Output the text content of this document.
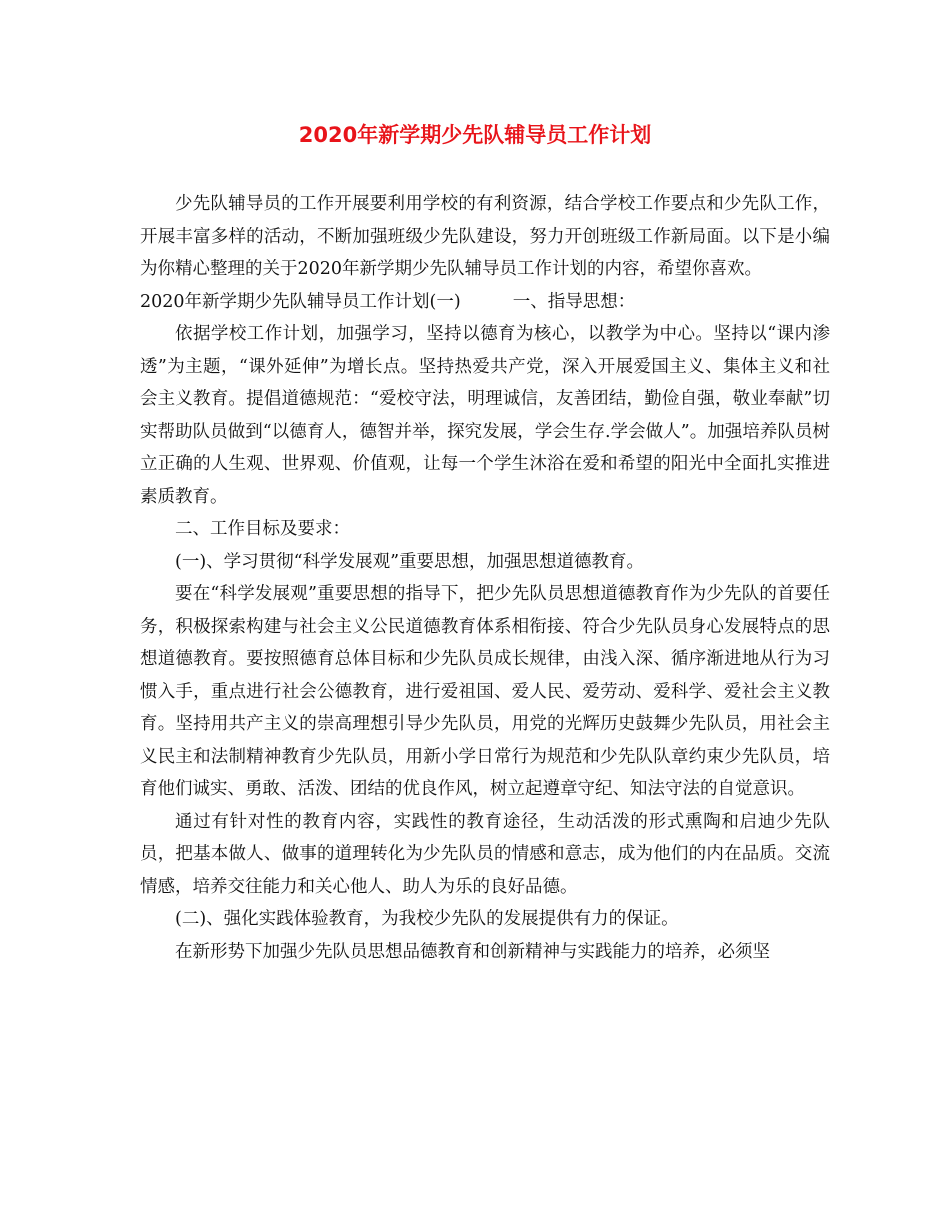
2020年新学期少先队辅导员工作计划

少先队辅导员的工作开展要利用学校的有利资源，结合学校工作要点和少先队工作，开展丰富多样的活动，不断加强班级少先队建设，努力开创班级工作新局面。以下是小编为你精心整理的关于2020年新学期少先队辅导员工作计划的内容，希望你喜欢。

2020年新学期少先队辅导员工作计划(一)	一、指导思想：

依据学校工作计划，加强学习，坚持以德育为核心，以教学为中心。坚持以“课内渗透”为主题，“课外延伸”为增长点。坚持热爱共产党，深入开展爱国主义、集体主义和社会主义教育。提倡道德规范：“爱校守法，明理诚信，友善团结，勤俭自强，敬业奉献”切实帮助队员做到“以德育人，德智并举，探究发展，学会生存.学会做人”。加强培养队员树立正确的人生观、世界观、价值观，让每一个学生沐浴在爱和希望的阳光中全面扎实推进素质教育。

二、工作目标及要求：

(一)、学习贯彻“科学发展观”重要思想，加强思想道德教育。

要在“科学发展观”重要思想的指导下，把少先队员思想道德教育作为少先队的首要任务，积极探索构建与社会主义公民道德教育体系相衔接、符合少先队员身心发展特点的思想道德教育。要按照德育总体目标和少先队员成长规律，由浅入深、循序渐进地从行为习惯入手，重点进行社会公德教育，进行爱祖国、爱人民、爱劳动、爱科学、爱社会主义教育。坚持用共产主义的崇高理想引导少先队员，用党的光辉历史鼓舞少先队员，用社会主义民主和法制精神教育少先队员，用新小学日常行为规范和少先队队章约束少先队员，培育他们诚实、勇敢、活泼、团结的优良作风，树立起遵章守纪、知法守法的自觉意识。

通过有针对性的教育内容，实践性的教育途径，生动活泼的形式熏陶和启迪少先队员，把基本做人、做事的道理转化为少先队员的情感和意志，成为他们的内在品质。交流情感，培养交往能力和关心他人、助人为乐的良好品德。

(二)、强化实践体验教育，为我校少先队的发展提供有力的保证。

在新形势下加强少先队员思想品德教育和创新精神与实践能力的培养，必须坚
